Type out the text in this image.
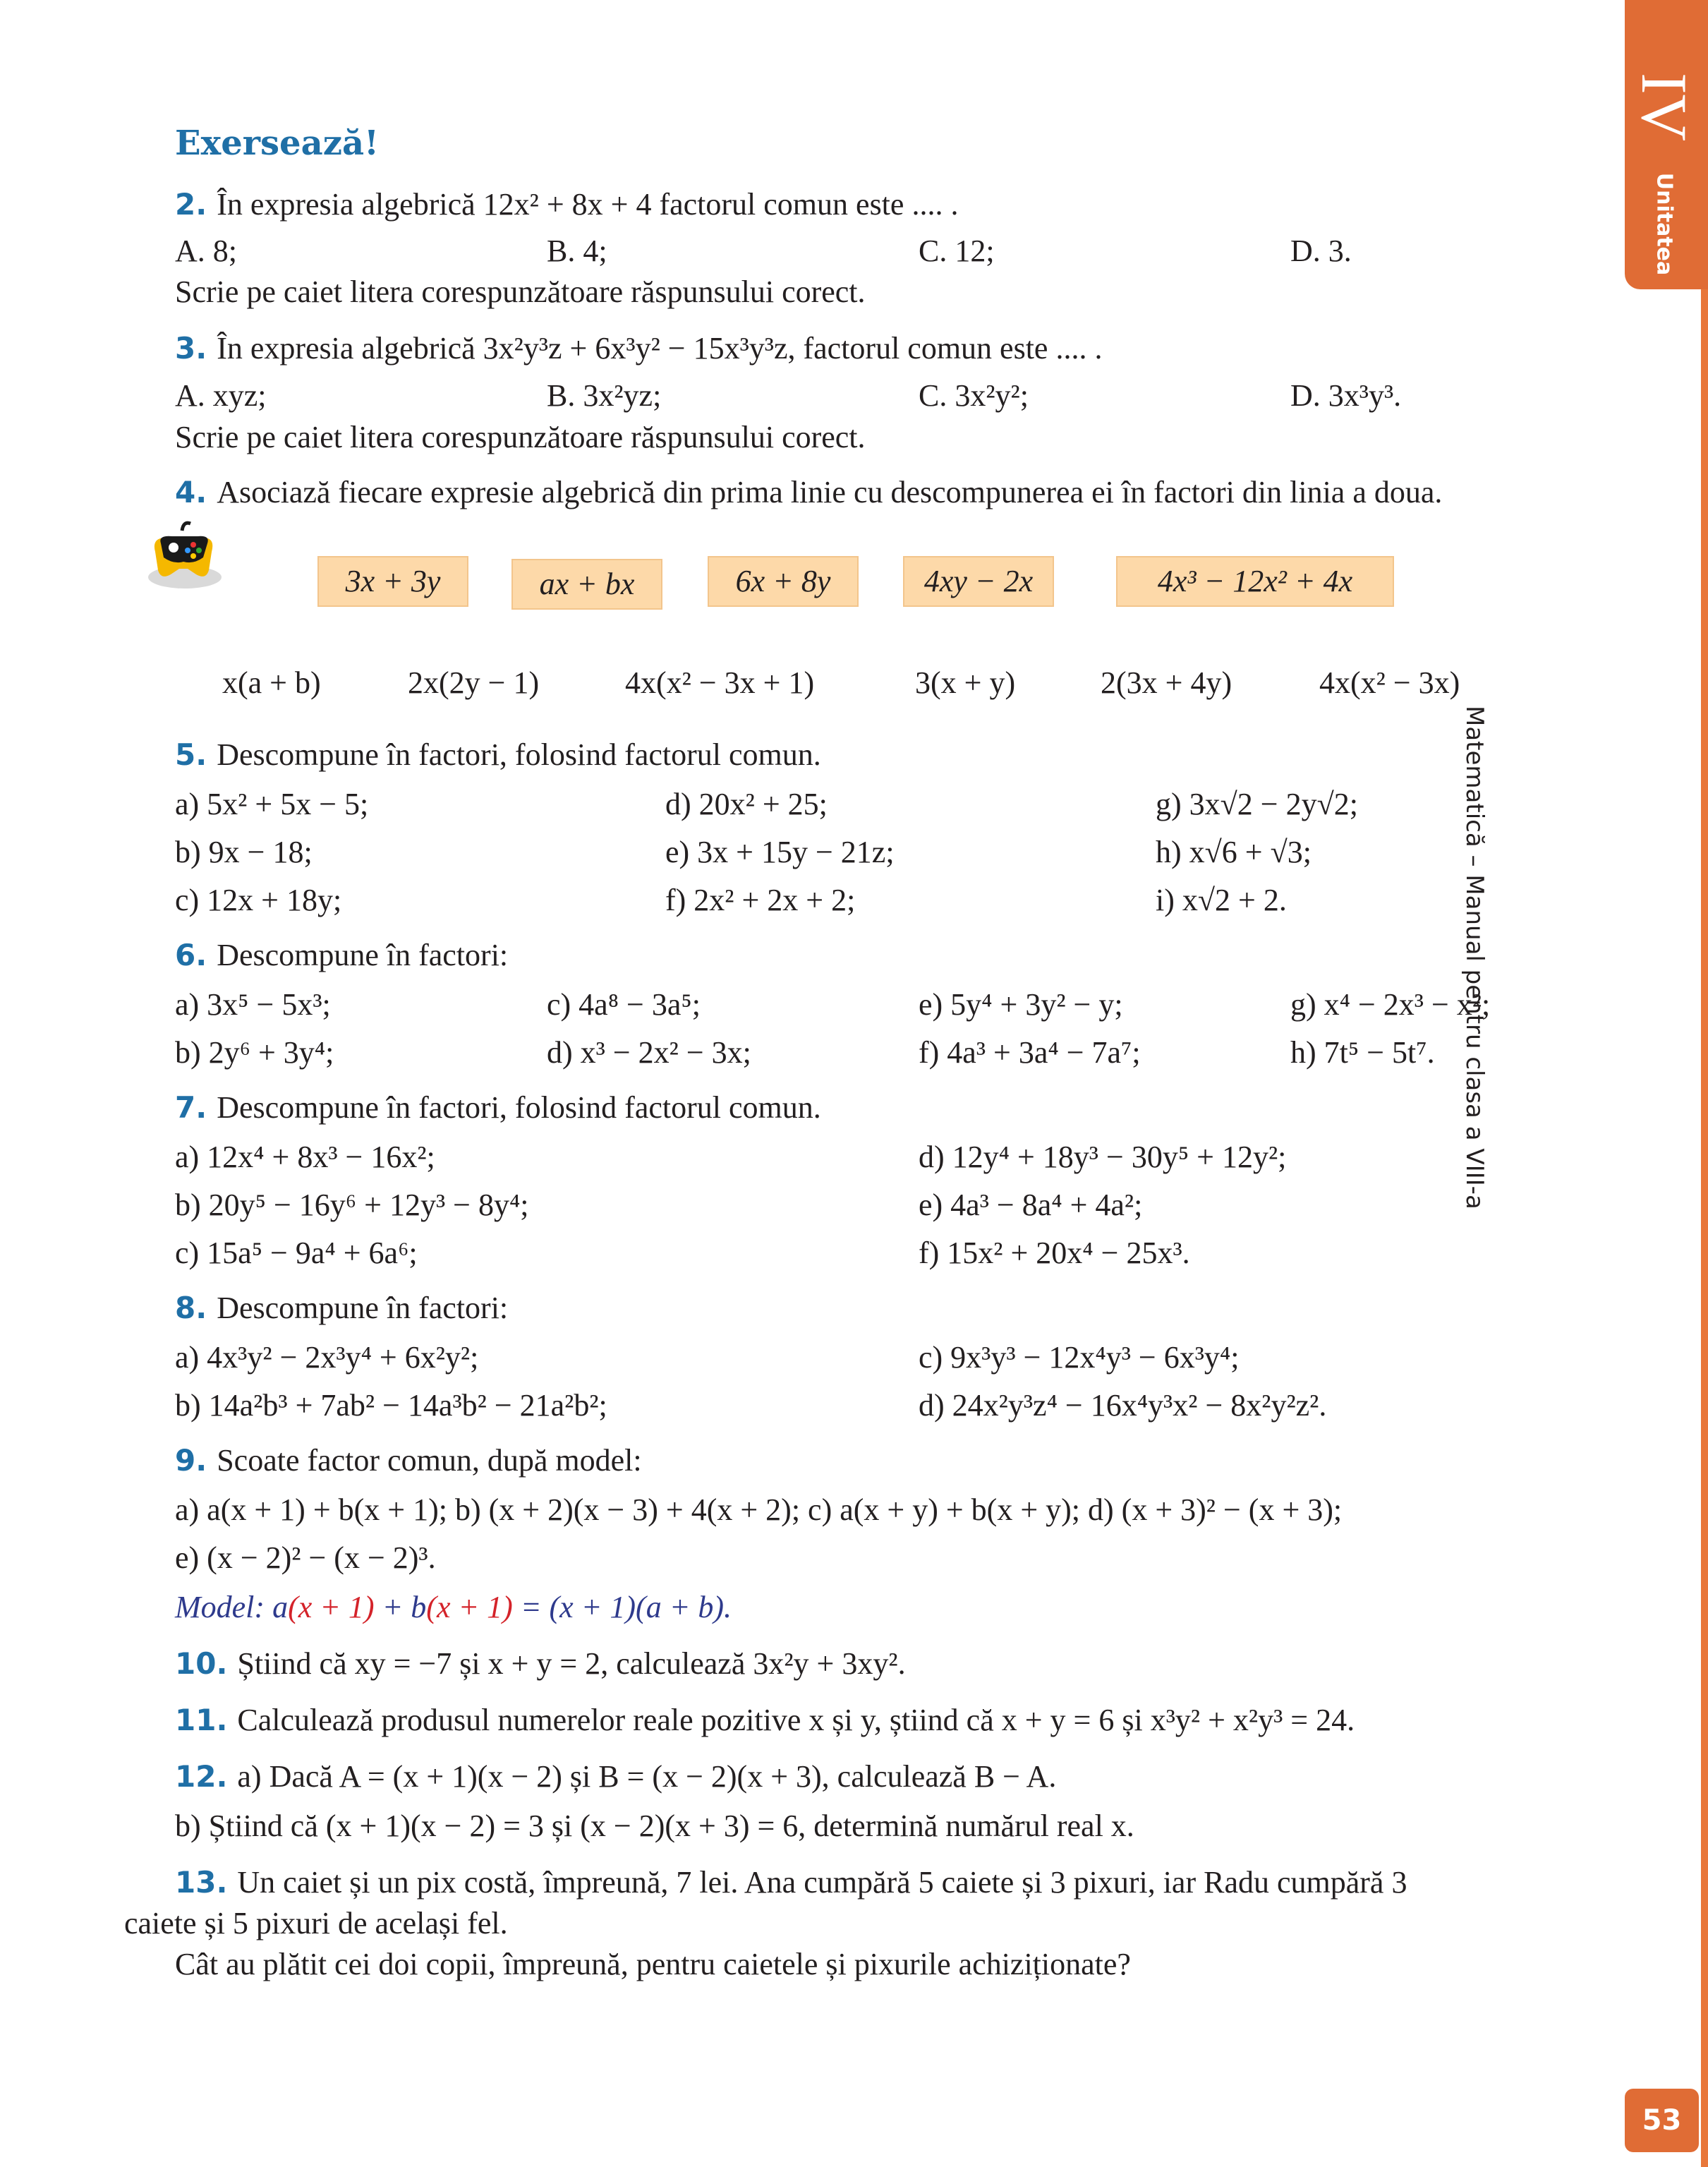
IV
Unitatea
Matematică – Manual pentru clasa a VIII-a
53
Exersează!
2. În expresia algebrică 12x² + 8x + 4 factorul comun este .... .
A. 8;	B. 4;	C. 12;	D. 3.
Scrie pe caiet litera corespunzătoare răspunsului corect.
3. În expresia algebrică 3x²y³z + 6x³y² − 15x³y³z, factorul comun este .... .
A. xyz;	B. 3x²yz;	C. 3x²y²;	D. 3x³y³.
Scrie pe caiet litera corespunzătoare răspunsului corect.
4. Asociază fiecare expresie algebrică din prima linie cu descompunerea ei în factori din linia a doua.
3x + 3y	ax + bx	6x + 8y	4xy − 2x	4x³ − 12x² + 4x
x(a + b)	2x(2y − 1)	4x(x² − 3x + 1)	3(x + y)	2(3x + 4y)	4x(x² − 3x)
5. Descompune în factori, folosind factorul comun.
a) 5x² + 5x − 5;	d) 20x² + 25;	g) 3x√2 − 2y√2;
b) 9x − 18;	e) 3x + 15y − 21z;	h) x√6 + √3;
c) 12x + 18y;	f) 2x² + 2x + 2;	i) x√2 + 2.
6. Descompune în factori:
a) 3x⁵ − 5x³;	c) 4a⁸ − 3a⁵;	e) 5y⁴ + 3y² − y;	g) x⁴ − 2x³ − x²;
b) 2y⁶ + 3y⁴;	d) x³ − 2x² − 3x;	f) 4a³ + 3a⁴ − 7a⁷;	h) 7t⁵ − 5t⁷.
7. Descompune în factori, folosind factorul comun.
a) 12x⁴ + 8x³ − 16x²;	d) 12y⁴ + 18y³ − 30y⁵ + 12y²;
b) 20y⁵ − 16y⁶ + 12y³ − 8y⁴;	e) 4a³ − 8a⁴ + 4a²;
c) 15a⁵ − 9a⁴ + 6a⁶;	f) 15x² + 20x⁴ − 25x³.
8. Descompune în factori:
a) 4x³y² − 2x³y⁴ + 6x²y²;	c) 9x³y³ − 12x⁴y³ − 6x³y⁴;
b) 14a²b³ + 7ab² − 14a³b² − 21a²b²;	d) 24x²y³z⁴ − 16x⁴y³x² − 8x²y²z².
9. Scoate factor comun, după model:
a) a(x + 1) + b(x + 1); b) (x + 2)(x − 3) + 4(x + 2); c) a(x + y) + b(x + y); d) (x + 3)² − (x + 3);
e) (x − 2)² − (x − 2)³.
Model: a(x + 1) + b(x + 1) = (x + 1)(a + b).
10. Știind că xy = −7 și x + y = 2, calculează 3x²y + 3xy².
11. Calculează produsul numerelor reale pozitive x și y, știind că x + y = 6 și x³y² + x²y³ = 24.
12. a) Dacă A = (x + 1)(x − 2) și B = (x − 2)(x + 3), calculează B − A.
b) Știind că (x + 1)(x − 2) = 3 și (x − 2)(x + 3) = 6, determină numărul real x.
13. Un caiet și un pix costă, împreună, 7 lei. Ana cumpără 5 caiete și 3 pixuri, iar Radu cumpără 3
caiete și 5 pixuri de același fel.
Cât au plătit cei doi copii, împreună, pentru caietele și pixurile achiziționate?
